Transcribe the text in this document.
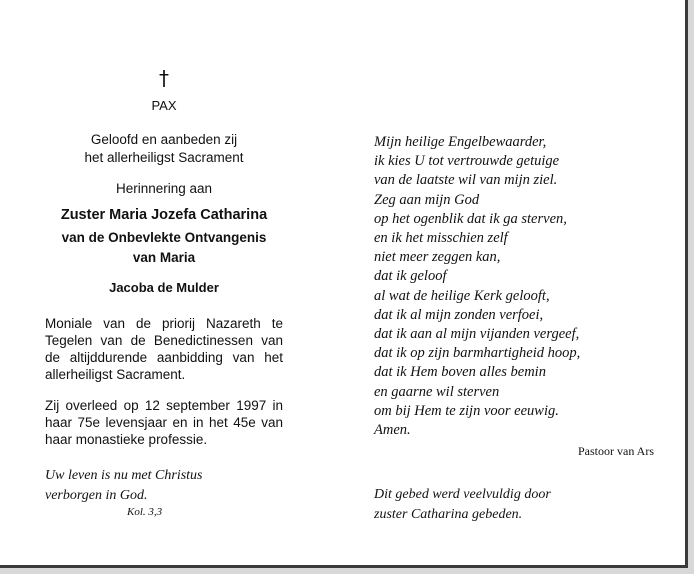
†

PAX

Geloofd en aanbeden zij
het allerheiligst Sacrament

Herinnering aan

Zuster Maria Jozefa Catharina

van de Onbevlekte Ontvangenis
van Maria

Jacoba de Mulder

Moniale van de priorij Nazareth te Tegelen van de Benedictinessen van de altijddurende aanbidding van het allerheiligst Sacrament.

Zij overleed op 12 september 1997 in haar 75e levensjaar en in het 45e van haar monastieke professie.

Uw leven is nu met Christus
verborgen in God.
Kol. 3,3
Mijn heilige Engelbewaarder,
ik kies U tot vertrouwde getuige
van de laatste wil van mijn ziel.
Zeg aan mijn God
op het ogenblik dat ik ga sterven,
en ik het misschien zelf
niet meer zeggen kan,
dat ik geloof
al wat de heilige Kerk gelooft,
dat ik al mijn zonden verfoei,
dat ik aan al mijn vijanden vergeef,
dat ik op zijn barmhartigheid hoop,
dat ik Hem boven alles bemin
en gaarne wil sterven
om bij Hem te zijn voor eeuwig.
Amen.
Pastoor van Ars
Dit gebed werd veelvuldig door
zuster Catharina gebeden.
